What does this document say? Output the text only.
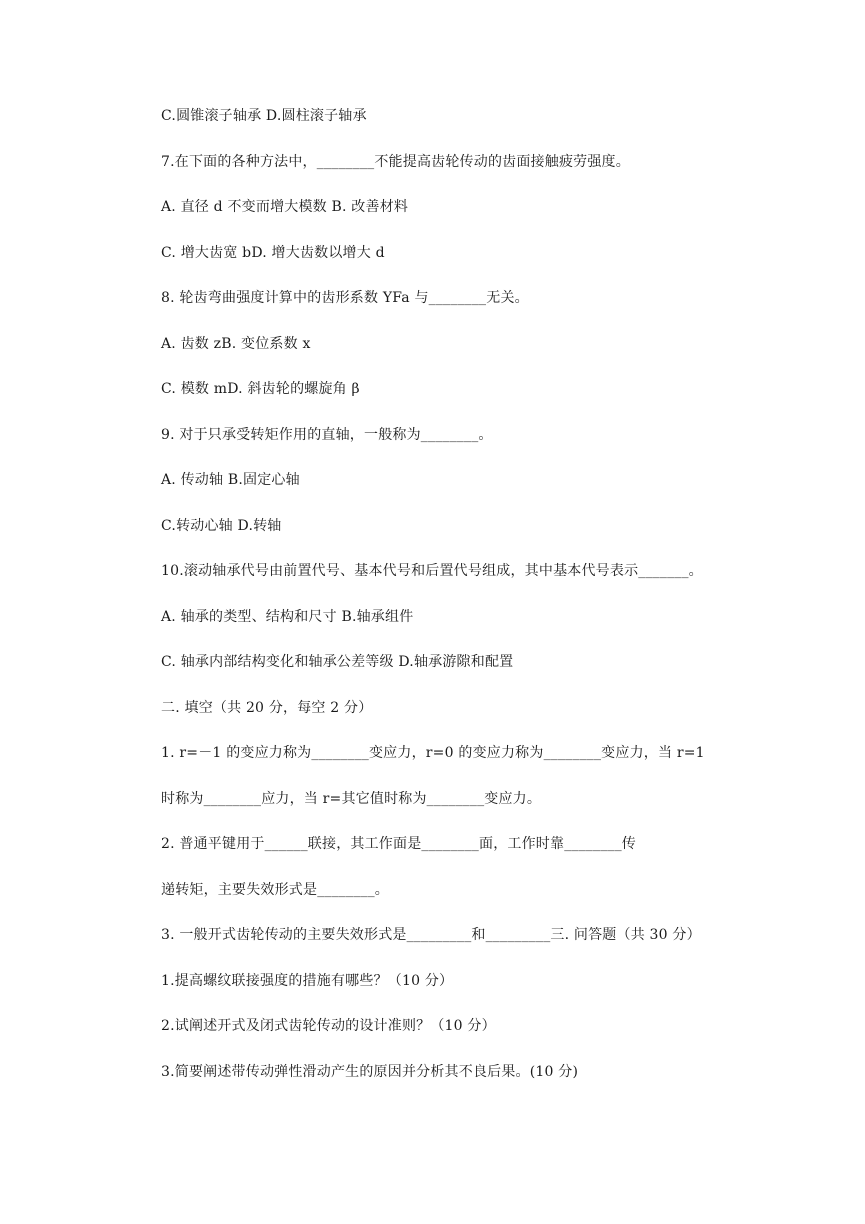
C.圆锥滚子轴承 D.圆柱滚子轴承
7.在下面的各种方法中，________不能提高齿轮传动的齿面接触疲劳强度。
A. 直径 d 不变而增大模数 B. 改善材料
C. 增大齿宽 bD. 增大齿数以增大 d
8. 轮齿弯曲强度计算中的齿形系数 YFa 与________无关。
A. 齿数 zB. 变位系数 x
C. 模数 mD. 斜齿轮的螺旋角 β
9. 对于只承受转矩作用的直轴，一般称为________。
A. 传动轴 B.固定心轴
C.转动心轴 D.转轴
10.滚动轴承代号由前置代号、基本代号和后置代号组成，其中基本代号表示_______。
A. 轴承的类型、结构和尺寸 B.轴承组件
C. 轴承内部结构变化和轴承公差等级 D.轴承游隙和配置
二. 填空（共 20 分，每空 2 分）
1. r=－1 的变应力称为________变应力，r=0 的变应力称为________变应力，当 r=1
时称为________应力，当 r=其它值时称为________变应力。
2. 普通平键用于______联接，其工作面是________面，工作时靠________传
递转矩，主要失效形式是________。
3. 一般开式齿轮传动的主要失效形式是_________和_________三. 问答题（共 30 分）
1.提高螺纹联接强度的措施有哪些？（10 分）
2.试阐述开式及闭式齿轮传动的设计准则？（10 分）
3.简要阐述带传动弹性滑动产生的原因并分析其不良后果。(10 分)
